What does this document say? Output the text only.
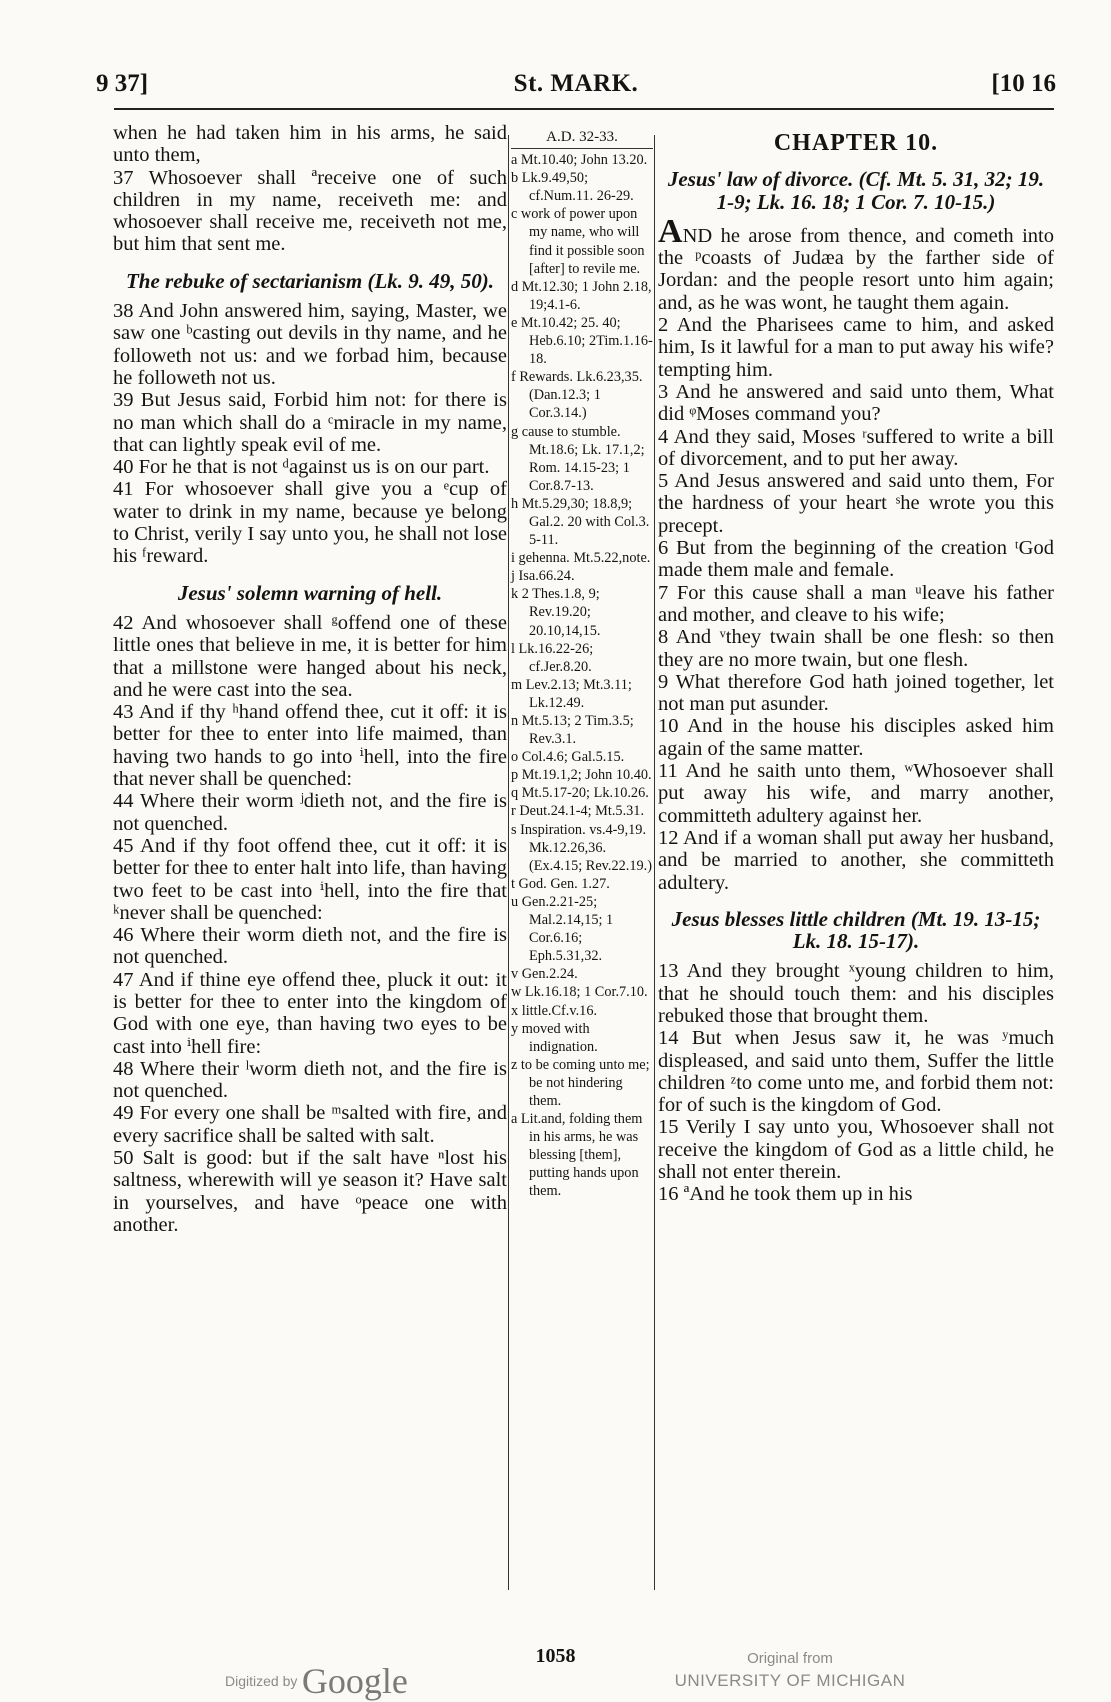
9 37]	St. MARK.	[10 16

when he had taken him in his arms, he said unto them,

37 Whosoever shall ªreceive one of such children in my name, receiveth me: and whosoever shall receive me, receiveth not me, but him that sent me.

The rebuke of sectarianism (Lk. 9. 49, 50).

38 And John answered him, saying, Master, we saw one ᵇcasting out devils in thy name, and he followeth not us: and we forbad him, because he followeth not us.

39 But Jesus said, Forbid him not: for there is no man which shall do a ᶜmiracle in my name, that can lightly speak evil of me.

40 For he that is not ᵈagainst us is on our part.

41 For whosoever shall give you a ᵉcup of water to drink in my name, because ye belong to Christ, verily I say unto you, he shall not lose his ᶠreward.

Jesus' solemn warning of hell.

42 And whosoever shall ᵍoffend one of these little ones that believe in me, it is better for him that a millstone were hanged about his neck, and he were cast into the sea.

43 And if thy ʰhand offend thee, cut it off: it is better for thee to enter into life maimed, than having two hands to go into ⁱhell, into the fire that never shall be quenched:

44 Where their worm ʲdieth not, and the fire is not quenched.

45 And if thy foot offend thee, cut it off: it is better for thee to enter halt into life, than having two feet to be cast into ⁱhell, into the fire that ᵏnever shall be quenched:

46 Where their worm dieth not, and the fire is not quenched.

47 And if thine eye offend thee, pluck it out: it is better for thee to enter into the kingdom of God with one eye, than having two eyes to be cast into ⁱhell fire:

48 Where their ˡworm dieth not, and the fire is not quenched.

49 For every one shall be ᵐsalted with fire, and every sacrifice shall be salted with salt.

50 Salt is good: but if the salt have ⁿlost his saltness, wherewith will ye season it? Have salt in yourselves, and have ᵒpeace one with another.

A.D. 32-33.

a Mt.10.40; John 13.20.

b Lk.9.49,50; cf.Num.11. 26-29.

c work of power upon my name, who will find it possible soon [after] to revile me.

d Mt.12.30; 1 John 2.18, 19;4.1-6.

e Mt.10.42; 25. 40; Heb.6.10; 2Tim.1.16-18.

f Rewards. Lk.6.23,35. (Dan.12.3; 1 Cor.3.14.)

g cause to stumble. Mt.18.6; Lk. 17.1,2; Rom. 14.15-23; 1 Cor.8.7-13.

h Mt.5.29,30; 18.8,9; Gal.2. 20 with Col.3. 5-11.

i gehenna. Mt.5.22,note.

j Isa.66.24.

k 2 Thes.1.8, 9; Rev.19.20; 20.10,14,15.

l Lk.16.22-26; cf.Jer.8.20.

m Lev.2.13; Mt.3.11; Lk.12.49.

n Mt.5.13; 2 Tim.3.5; Rev.3.1.

o Col.4.6; Gal.5.15.

p Mt.19.1,2; John 10.40.

q Mt.5.17-20; Lk.10.26.

r Deut.24.1-4; Mt.5.31.

s Inspiration. vs.4-9,19. Mk.12.26,36. (Ex.4.15; Rev.22.19.)

t God. Gen. 1.27.

u Gen.2.21-25; Mal.2.14,15; 1 Cor.6.16; Eph.5.31,32.

v Gen.2.24.

w Lk.16.18; 1 Cor.7.10.

x little.Cf.v.16.

y moved with indignation.

z to be coming unto me; be not hindering them.

a Lit.and, folding them in his arms, he was blessing [them], putting hands upon them.

CHAPTER 10.

Jesus' law of divorce. (Cf. Mt. 5. 31, 32; 19. 1-9; Lk. 16. 18; 1 Cor. 7. 10-15.)

AND he arose from thence, and cometh into the ᵖcoasts of Judæa by the farther side of Jordan: and the people resort unto him again; and, as he was wont, he taught them again.

2 And the Pharisees came to him, and asked him, Is it lawful for a man to put away his wife? tempting him.

3 And he answered and said unto them, What did ᵠMoses command you?

4 And they said, Moses ʳsuffered to write a bill of divorcement, and to put her away.

5 And Jesus answered and said unto them, For the hardness of your heart ˢhe wrote you this precept.

6 But from the beginning of the creation ᵗGod made them male and female.

7 For this cause shall a man ᵘleave his father and mother, and cleave to his wife;

8 And ᵛthey twain shall be one flesh: so then they are no more twain, but one flesh.

9 What therefore God hath joined together, let not man put asunder.

10 And in the house his disciples asked him again of the same matter.

11 And he saith unto them, ʷWhosoever shall put away his wife, and marry another, committeth adultery against her.

12 And if a woman shall put away her husband, and be married to another, she committeth adultery.

Jesus blesses little children (Mt. 19. 13-15; Lk. 18. 15-17).

13 And they brought ˣyoung children to him, that he should touch them: and his disciples rebuked those that brought them.

14 But when Jesus saw it, he was ʸmuch displeased, and said unto them, Suffer the little children ᶻto come unto me, and forbid them not: for of such is the kingdom of God.

15 Verily I say unto you, Whosoever shall not receive the kingdom of God as a little child, he shall not enter therein.

16 ªAnd he took them up in his

1058
Digitized by Google
Original from
UNIVERSITY OF MICHIGAN
